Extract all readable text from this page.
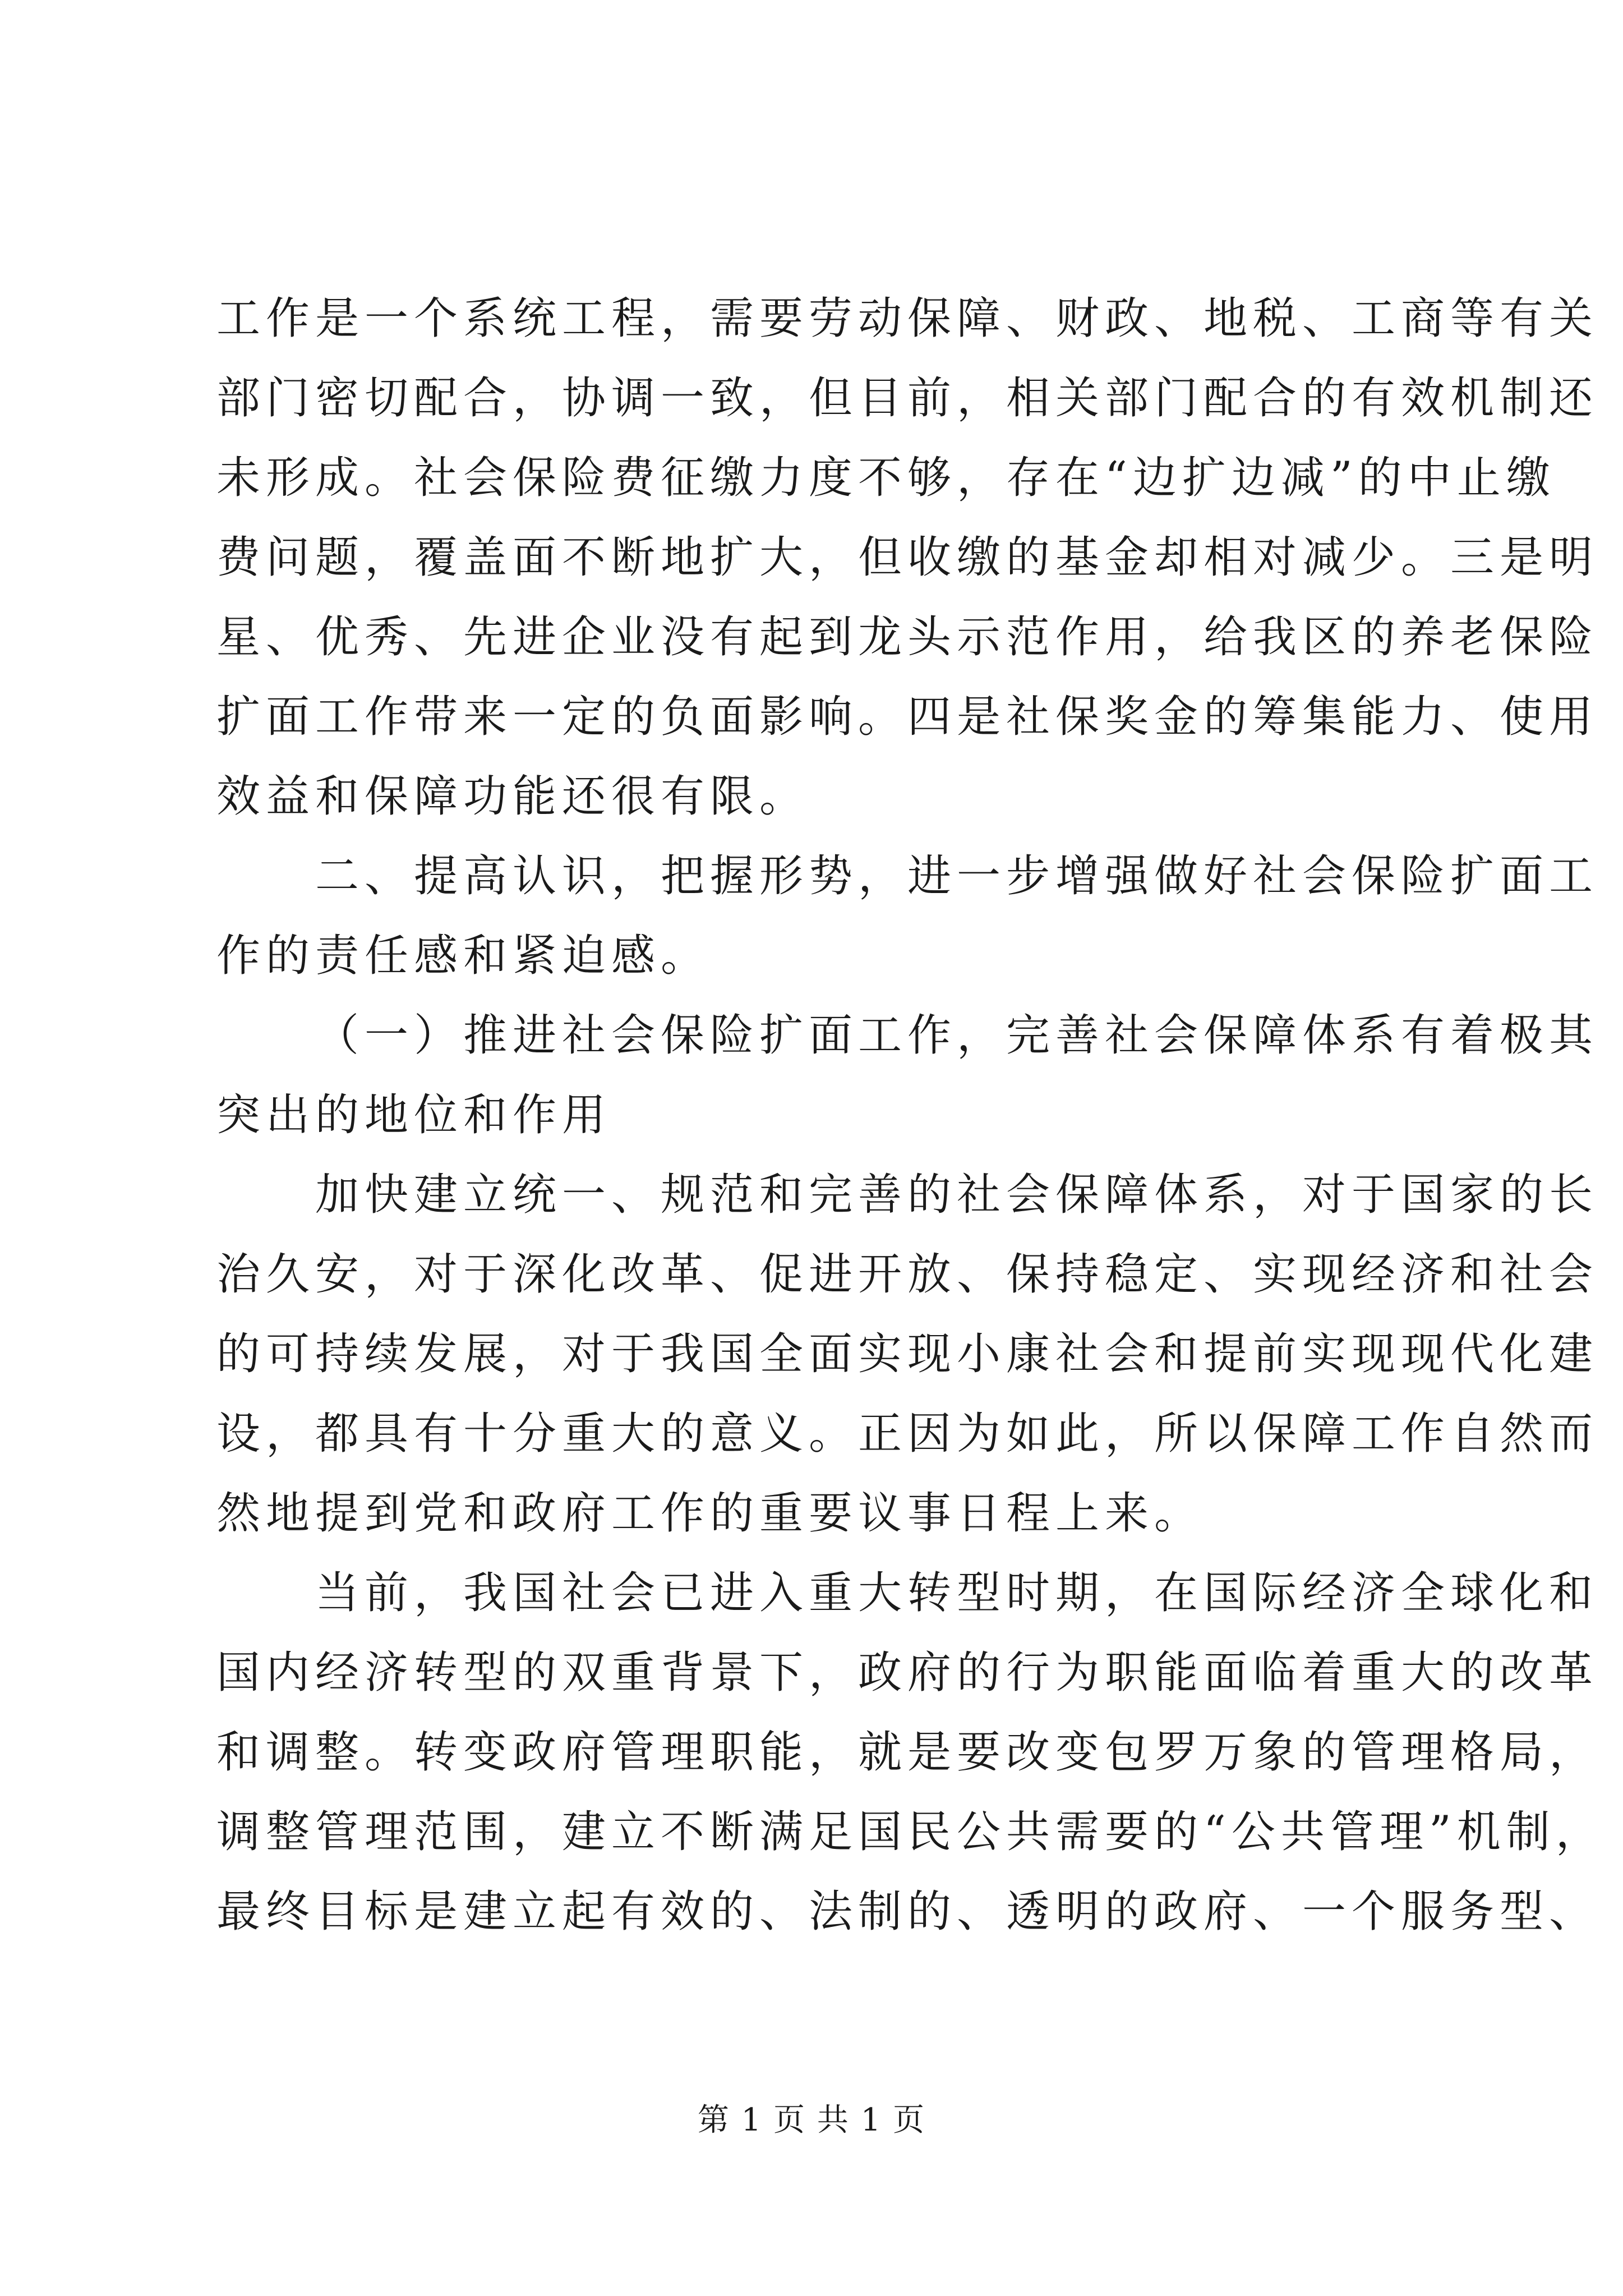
工作是一个系统工程，需要劳动保障、财政、地税、工商等有关
部门密切配合，协调一致，但目前，相关部门配合的有效机制还
未形成。社会保险费征缴力度不够，存在“边扩边减”的中止缴
费问题，覆盖面不断地扩大，但收缴的基金却相对减少。三是明
星、优秀、先进企业没有起到龙头示范作用，给我区的养老保险
扩面工作带来一定的负面影响。四是社保奖金的筹集能力、使用
效益和保障功能还很有限。
二、提高认识，把握形势，进一步增强做好社会保险扩面工
作的责任感和紧迫感。
（一）推进社会保险扩面工作，完善社会保障体系有着极其
突出的地位和作用
加快建立统一、规范和完善的社会保障体系，对于国家的长
治久安，对于深化改革、促进开放、保持稳定、实现经济和社会
的可持续发展，对于我国全面实现小康社会和提前实现现代化建
设，都具有十分重大的意义。正因为如此，所以保障工作自然而
然地提到党和政府工作的重要议事日程上来。
当前，我国社会已进入重大转型时期，在国际经济全球化和
国内经济转型的双重背景下，政府的行为职能面临着重大的改革
和调整。转变政府管理职能，就是要改变包罗万象的管理格局，
调整管理范围，建立不断满足国民公共需要的“公共管理”机制，
最终目标是建立起有效的、法制的、透明的政府、一个服务型、
第 1 页 共 1 页
